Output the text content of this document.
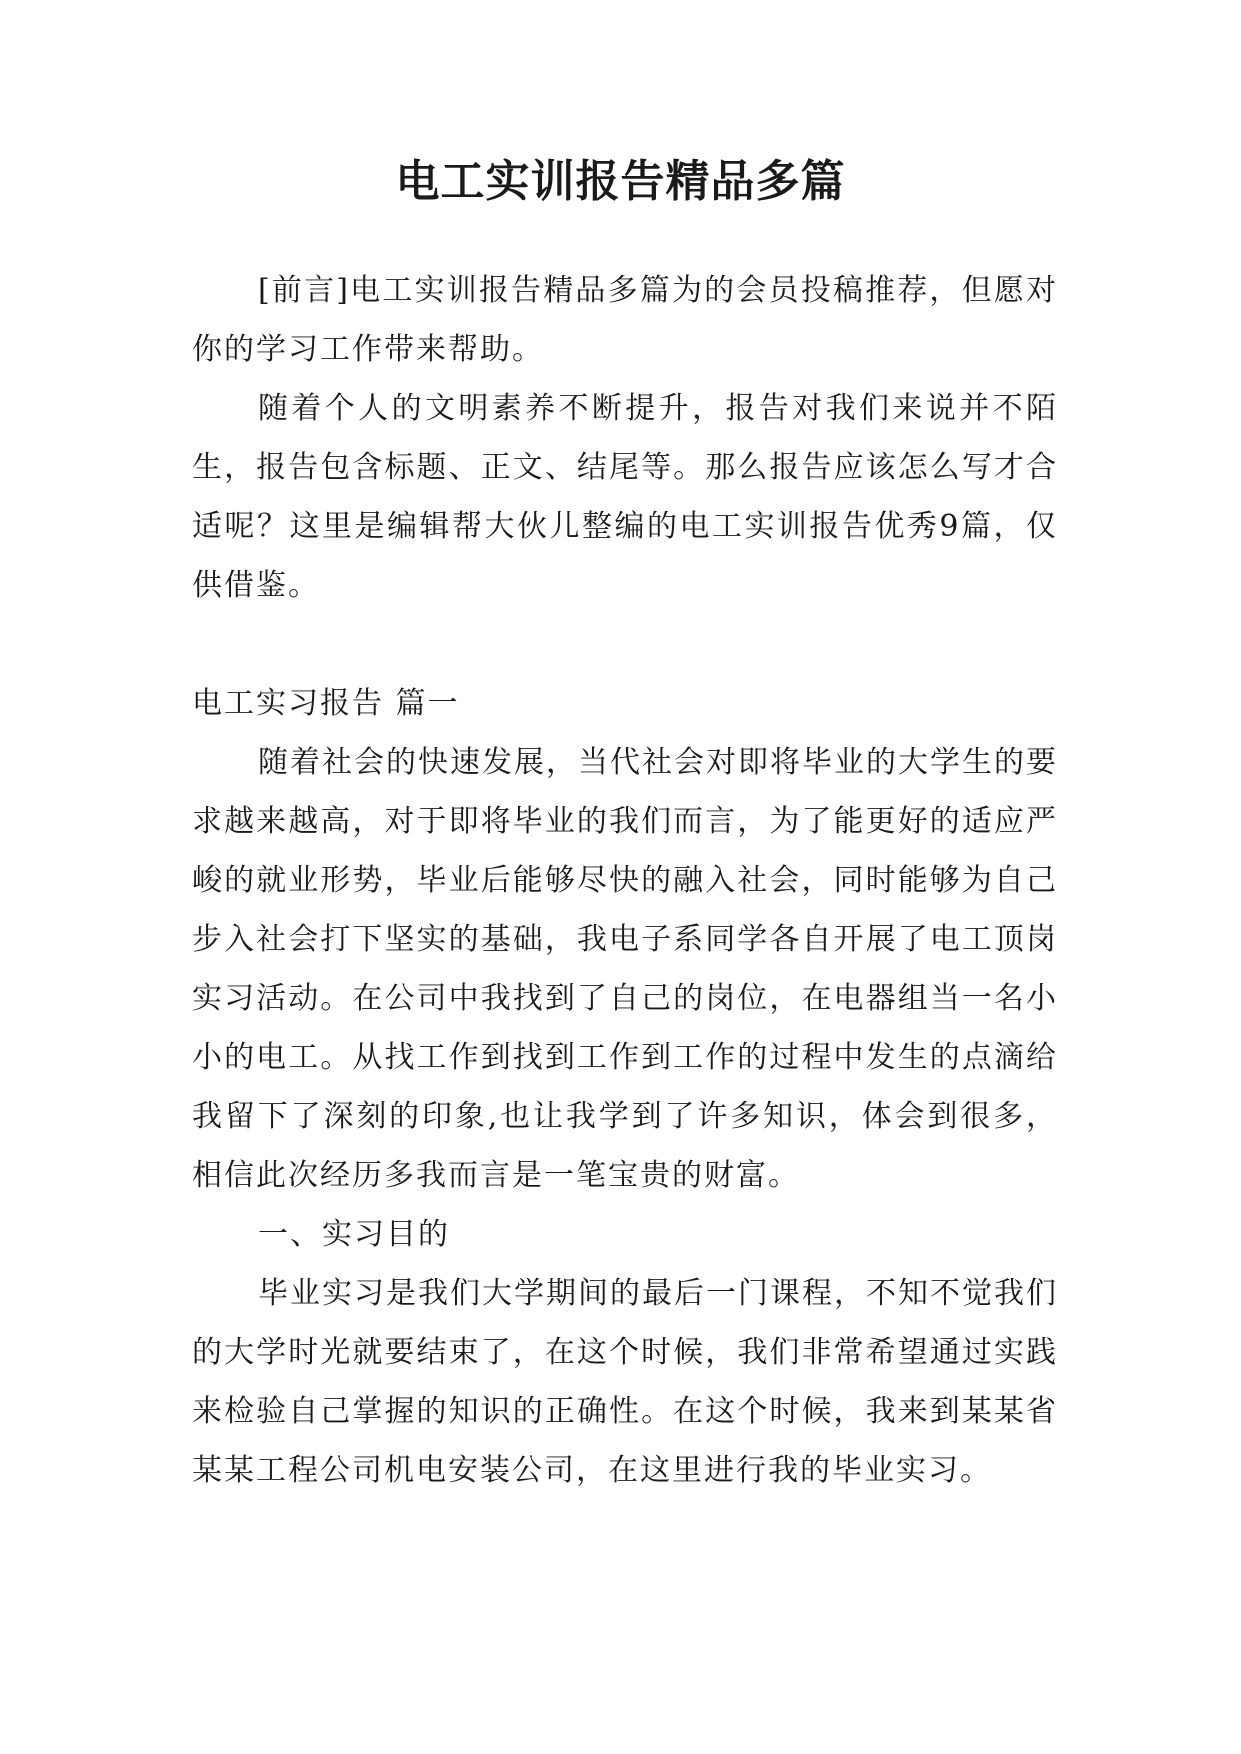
电工实训报告精品多篇

[前言]电工实训报告精品多篇为的会员投稿推荐，但愿对你的学习工作带来帮助。

随着个人的文明素养不断提升，报告对我们来说并不陌生，报告包含标题、正文、结尾等。那么报告应该怎么写才合适呢？这里是编辑帮大伙儿整编的电工实训报告优秀9篇，仅供借鉴。

电工实习报告 篇一

随着社会的快速发展，当代社会对即将毕业的大学生的要求越来越高，对于即将毕业的我们而言，为了能更好的适应严峻的就业形势，毕业后能够尽快的融入社会，同时能够为自己步入社会打下坚实的基础，我电子系同学各自开展了电工顶岗实习活动。在公司中我找到了自己的岗位，在电器组当一名小小的电工。从找工作到找到工作到工作的过程中发生的点滴给我留下了深刻的印象,也让我学到了许多知识，体会到很多，相信此次经历多我而言是一笔宝贵的财富。

一、实习目的

毕业实习是我们大学期间的最后一门课程，不知不觉我们的大学时光就要结束了，在这个时候，我们非常希望通过实践来检验自己掌握的知识的正确性。在这个时候，我来到某某省某某工程公司机电安装公司，在这里进行我的毕业实习。
